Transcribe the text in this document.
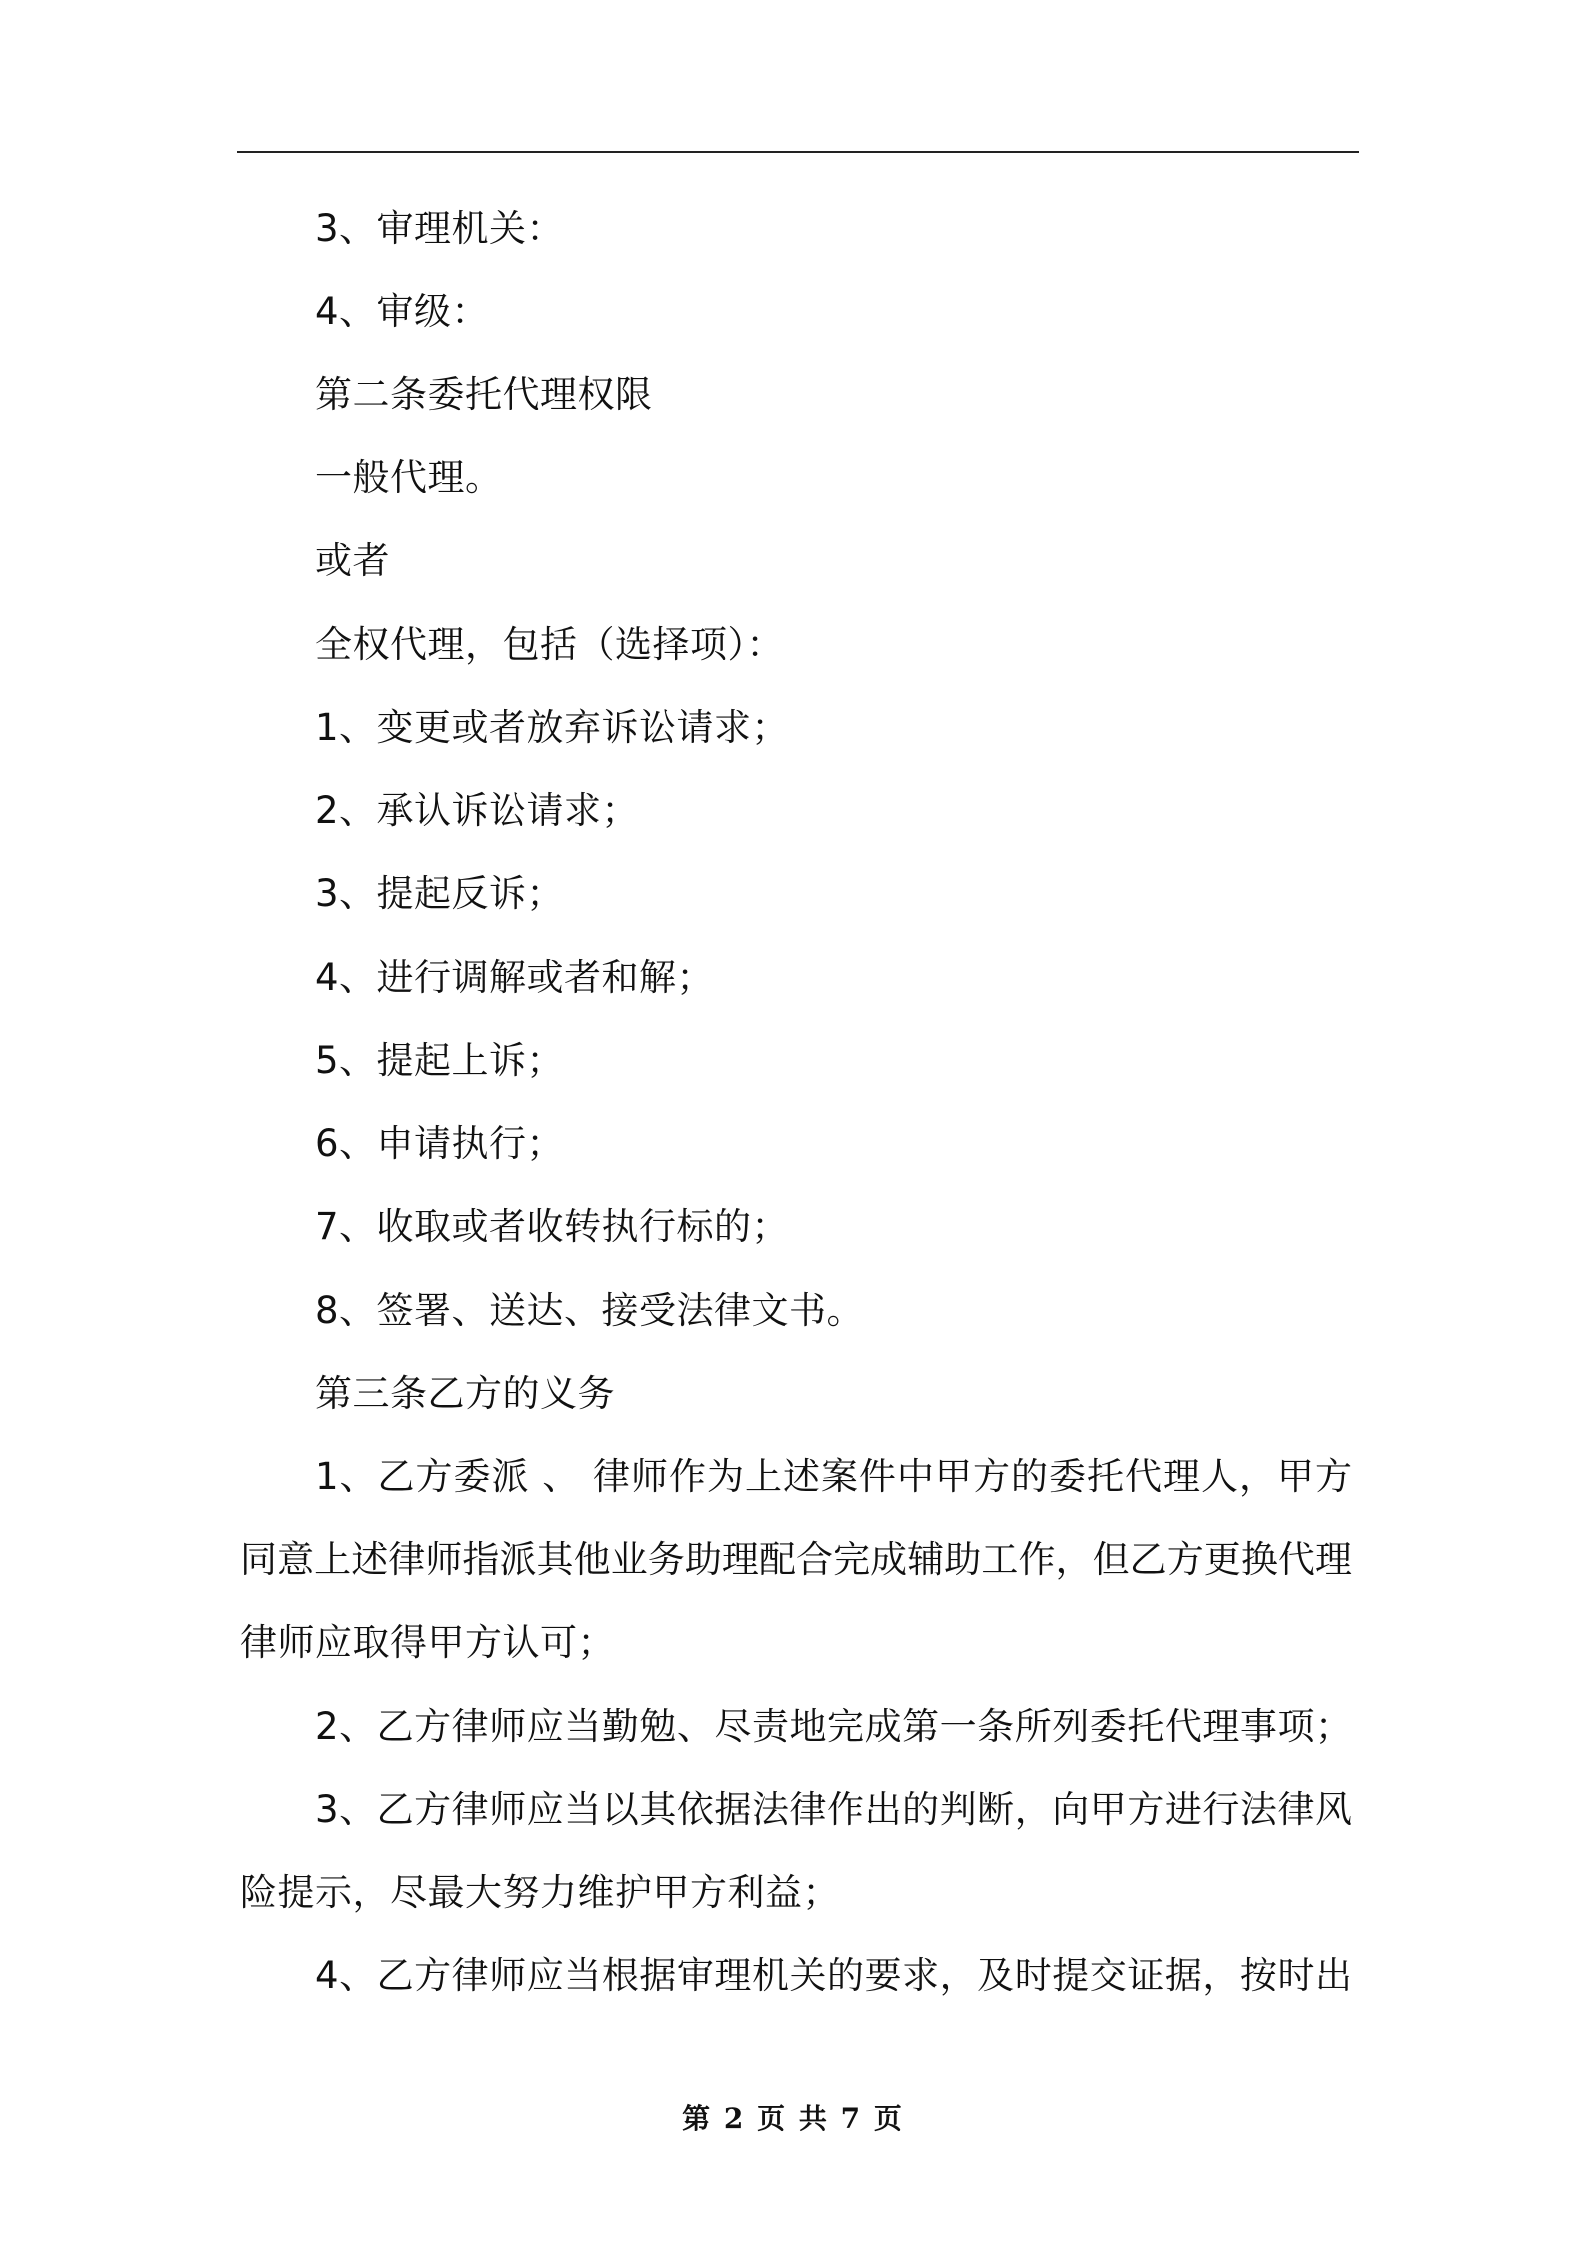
3、审理机关：

4、审级：

第二条委托代理权限

一般代理。

或者

全权代理，包括（选择项）：

1、变更或者放弃诉讼请求；

2、承认诉讼请求；

3、提起反诉；

4、进行调解或者和解；

5、提起上诉；

6、申请执行；

7、收取或者收转执行标的；

8、签署、送达、接受法律文书。

第三条乙方的义务

1、乙方委派 、 律师作为上述案件中甲方的委托代理人，甲方

同意上述律师指派其他业务助理配合完成辅助工作，但乙方更换代理

律师应取得甲方认可；

2、乙方律师应当勤勉、尽责地完成第一条所列委托代理事项；

3、乙方律师应当以其依据法律作出的判断，向甲方进行法律风

险提示，尽最大努力维护甲方利益；

4、乙方律师应当根据审理机关的要求，及时提交证据，按时出

第 2 页 共 7 页
